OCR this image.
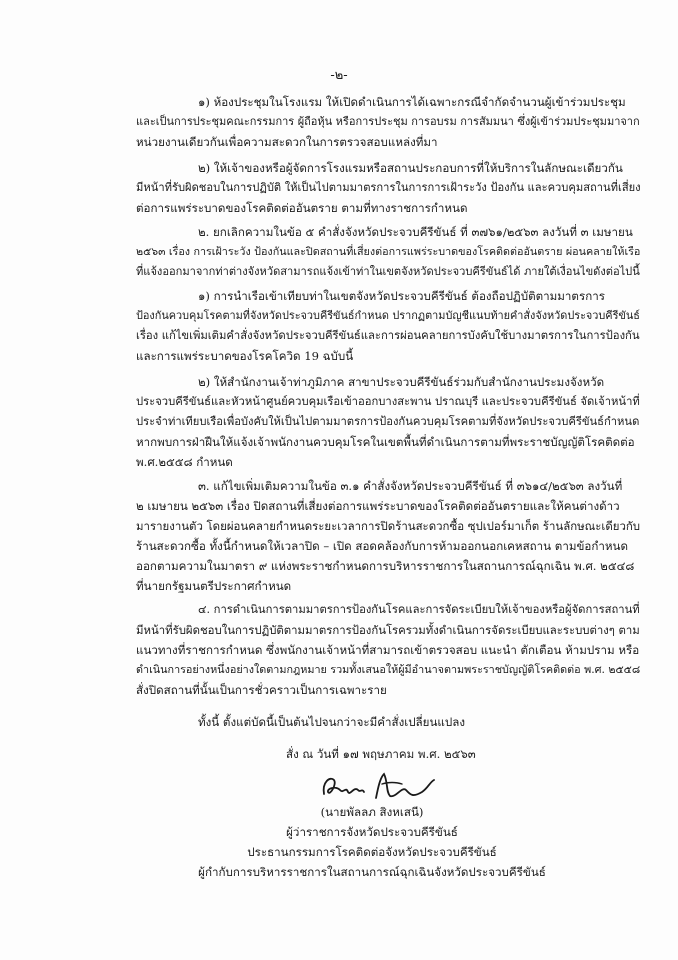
-๒-
๑) ห้องประชุมในโรงแรม ให้เปิดดำเนินการได้เฉพาะกรณีจำกัดจำนวนผู้เข้าร่วมประชุม
และเป็นการประชุมคณะกรรมการ ผู้ถือหุ้น หรือการประชุม การอบรม การสัมมนา ซึ่งผู้เข้าร่วมประชุมมาจาก
หน่วยงานเดียวกันเพื่อความสะดวกในการตรวจสอบแหล่งที่มา
๒) ให้เจ้าของหรือผู้จัดการโรงแรมหรือสถานประกอบการที่ให้บริการในลักษณะเดียวกัน
มีหน้าที่รับผิดชอบในการปฏิบัติ ให้เป็นไปตามมาตรการในการการเฝ้าระวัง ป้องกัน และควบคุมสถานที่เสี่ยง
ต่อการแพร่ระบาดของโรคติดต่ออันตราย ตามที่ทางราชการกำหนด
๒. ยกเลิกความในข้อ ๕ คำสั่งจังหวัดประจวบคีรีขันธ์ ที่ ๓๗๖๑/๒๕๖๓ ลงวันที่ ๓ เมษายน
๒๕๖๓ เรื่อง การเฝ้าระวัง ป้องกันและปิดสถานที่เสี่ยงต่อการแพร่ระบาดของโรคติดต่ออันตราย ผ่อนคลายให้เรือ
ที่แจ้งออกมาจากท่าต่างจังหวัดสามารถแจ้งเข้าท่าในเขตจังหวัดประจวบคีรีขันธ์ได้ ภายใต้เงื่อนไขดังต่อไปนี้
๑) การนำเรือเข้าเทียบท่าในเขตจังหวัดประจวบคีรีขันธ์ ต้องถือปฏิบัติตามมาตรการ
ป้องกันควบคุมโรคตามที่จังหวัดประจวบคีรีขันธ์กำหนด ปรากฏตามบัญชีแนบท้ายคำสั่งจังหวัดประจวบคีรีขันธ์
เรื่อง แก้ไขเพิ่มเติมคำสั่งจังหวัดประจวบคีรีขันธ์และการผ่อนคลายการบังคับใช้บางมาตรการในการป้องกัน
และการแพร่ระบาดของโรคโควิด 19 ฉบับนี้
๒) ให้สำนักงานเจ้าท่าภูมิภาค สาขาประจวบคีรีขันธ์ร่วมกับสำนักงานประมงจังหวัด
ประจวบคีรีขันธ์และหัวหน้าศูนย์ควบคุมเรือเข้าออกบางสะพาน ปราณบุรี และประจวบคีรีขันธ์ จัดเจ้าหน้าที่
ประจำท่าเทียบเรือเพื่อบังคับให้เป็นไปตามมาตรการป้องกันควบคุมโรคตามที่จังหวัดประจวบคีรีขันธ์กำหนด
หากพบการฝ่าฝืนให้แจ้งเจ้าพนักงานควบคุมโรคในเขตพื้นที่ดำเนินการตามที่พระราชบัญญัติโรคติดต่อ
พ.ศ.๒๕๕๘ กำหนด
๓. แก้ไขเพิ่มเติมความในข้อ ๓.๑ คำสั่งจังหวัดประจวบคีรีขันธ์ ที่ ๓๖๑๔/๒๕๖๓ ลงวันที่
๒ เมษายน ๒๕๖๓ เรื่อง ปิดสถานที่เสี่ยงต่อการแพร่ระบาดของโรคติดต่ออันตรายและให้คนต่างด้าว
มารายงานตัว โดยผ่อนคลายกำหนดระยะเวลาการปิดร้านสะดวกซื้อ ซุปเปอร์มาเก็ต ร้านลักษณะเดียวกับ
ร้านสะดวกซื้อ ทั้งนี้กำหนดให้เวลาปิด – เปิด สอดคล้องกับการห้ามออกนอกเคหสถาน ตามข้อกำหนด
ออกตามความในมาตรา ๙ แห่งพระราชกำหนดการบริหารราชการในสถานการณ์ฉุกเฉิน พ.ศ. ๒๕๔๘
ที่นายกรัฐมนตรีประกาศกำหนด
๔. การดำเนินการตามมาตรการป้องกันโรคและการจัดระเบียบให้เจ้าของหรือผู้จัดการสถานที่
มีหน้าที่รับผิดชอบในการปฏิบัติตามมาตรการป้องกันโรครวมทั้งดำเนินการจัดระเบียบและระบบต่างๆ ตาม
แนวทางที่ราชการกำหนด ซึ่งพนักงานเจ้าหน้าที่สามารถเข้าตรวจสอบ แนะนำ ตักเตือน ห้ามปราม หรือ
ดำเนินการอย่างหนึ่งอย่างใดตามกฎหมาย รวมทั้งเสนอให้ผู้มีอำนาจตามพระราชบัญญัติโรคติดต่อ พ.ศ. ๒๕๕๘
สั่งปิดสถานที่นั้นเป็นการชั่วคราวเป็นการเฉพาะราย
ทั้งนี้ ตั้งแต่บัดนี้เป็นต้นไปจนกว่าจะมีคำสั่งเปลี่ยนแปลง
สั่ง ณ วันที่ ๑๗ พฤษภาคม พ.ศ. ๒๕๖๓
(นายพัลลภ สิงหเสนี)
ผู้ว่าราชการจังหวัดประจวบคีรีขันธ์
ประธานกรรมการโรคติดต่อจังหวัดประจวบคีรีขันธ์
ผู้กำกับการบริหารราชการในสถานการณ์ฉุกเฉินจังหวัดประจวบคีรีขันธ์
